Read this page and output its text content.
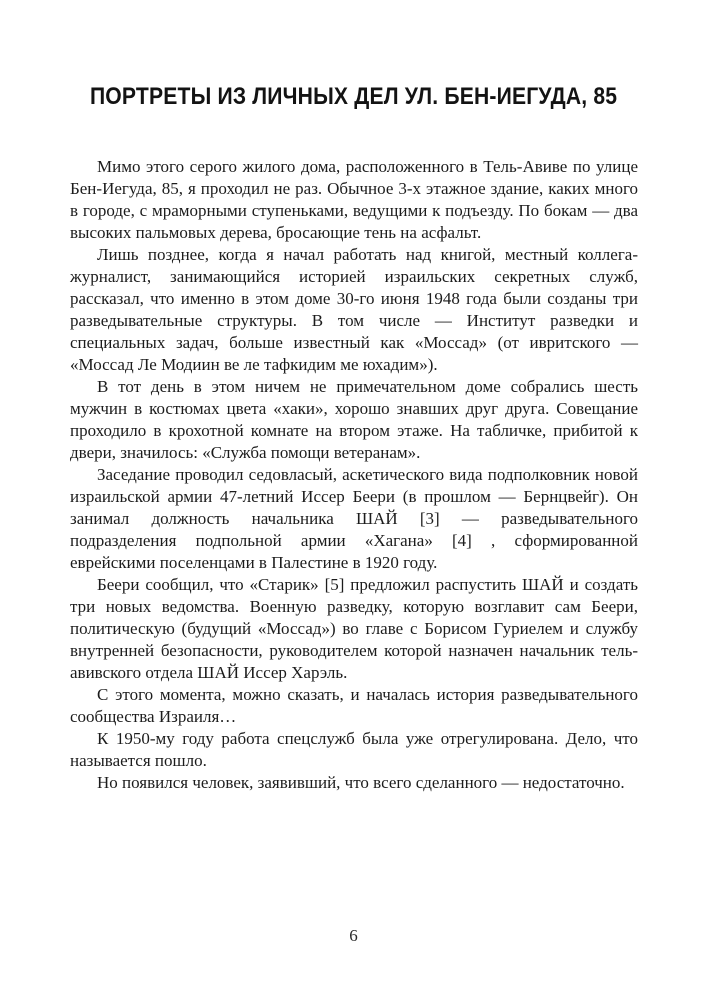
ПОРТРЕТЫ ИЗ ЛИЧНЫХ ДЕЛ УЛ. БЕН-ИЕГУДА, 85

Мимо этого серого жилого дома, расположенного в Тель-Авиве по улице Бен-Иегуда, 85, я проходил не раз. Обычное 3-х этажное здание, каких много в городе, с мраморными ступеньками, ведущими к подъезду. По бокам — два высоких пальмовых дерева, бросающие тень на асфальт.

Лишь позднее, когда я начал работать над книгой, местный коллега-журналист, занимающийся историей израильских секретных служб, рассказал, что именно в этом доме 30-го июня 1948 года были созданы три разведывательные структуры. В том числе — Институт разведки и специальных задач, больше известный как «Моссад» (от ивритского — «Моссад Ле Модиин ве ле тафкидим ме юхадим»).

В тот день в этом ничем не примечательном доме собрались шесть мужчин в костюмах цвета «хаки», хорошо знавших друг друга. Совещание проходило в крохотной комнате на втором этаже. На табличке, прибитой к двери, значилось: «Служба помощи ветеранам».

Заседание проводил седовласый, аскетического вида подполковник новой израильской армии 47-летний Иссер Беери (в прошлом — Бернцвейг). Он занимал должность начальника ШАЙ [3] — разведывательного подразделения подпольной армии «Хагана» [4] , сформированной еврейскими поселенцами в Палестине в 1920 году.

Беери сообщил, что «Старик» [5] предложил распустить ШАЙ и создать три новых ведомства. Военную разведку, которую возглавит сам Беери, политическую (будущий «Моссад») во главе с Борисом Гуриелем и службу внутренней безопасности, руководителем которой назначен начальник тель-авивского отдела ШАЙ Иссер Харэль.

С этого момента, можно сказать, и началась история разведывательного сообщества Израиля…

К 1950-му году работа спецслужб была уже отрегулирована. Дело, что называется пошло.

Но появился человек, заявивший, что всего сделанного — недостаточно.

6
